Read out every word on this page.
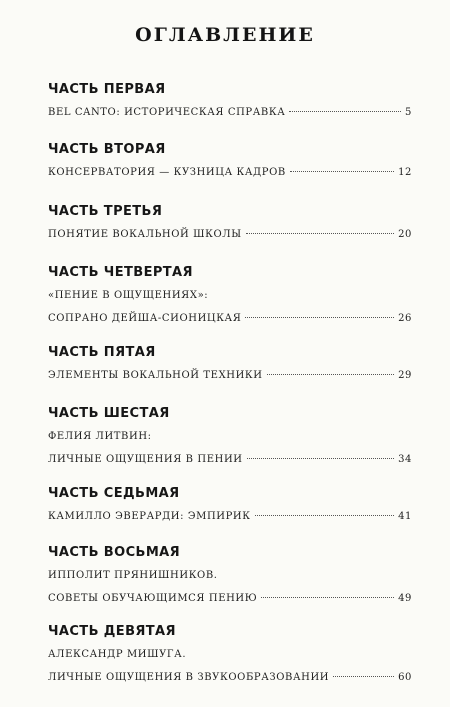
ОГЛАВЛЕНИЕ
ЧАСТЬ ПЕРВАЯ
BEL CANTO: ИСТОРИЧЕСКАЯ СПРАВКА	5
ЧАСТЬ ВТОРАЯ
КОНСЕРВАТОРИЯ — КУЗНИЦА КАДРОВ	12
ЧАСТЬ ТРЕТЬЯ
ПОНЯТИЕ ВОКАЛЬНОЙ ШКОЛЫ	20
ЧАСТЬ ЧЕТВЕРТАЯ
«ПЕНИЕ В ОЩУЩЕНИЯХ»:
СОПРАНО ДЕЙША-СИОНИЦКАЯ	26
ЧАСТЬ ПЯТАЯ
ЭЛЕМЕНТЫ ВОКАЛЬНОЙ ТЕХНИКИ	29
ЧАСТЬ ШЕСТАЯ
ФЕЛИЯ ЛИТВИН:
ЛИЧНЫЕ ОЩУЩЕНИЯ В ПЕНИИ	34
ЧАСТЬ СЕДЬМАЯ
КАМИЛЛО ЭВЕРАРДИ: ЭМПИРИК	41
ЧАСТЬ ВОСЬМАЯ
ИППОЛИТ ПРЯНИШНИКОВ.
СОВЕТЫ ОБУЧАЮЩИМСЯ ПЕНИЮ	49
ЧАСТЬ ДЕВЯТАЯ
АЛЕКСАНДР МИШУГА.
ЛИЧНЫЕ ОЩУЩЕНИЯ В ЗВУКООБРАЗОВАНИИ	60
